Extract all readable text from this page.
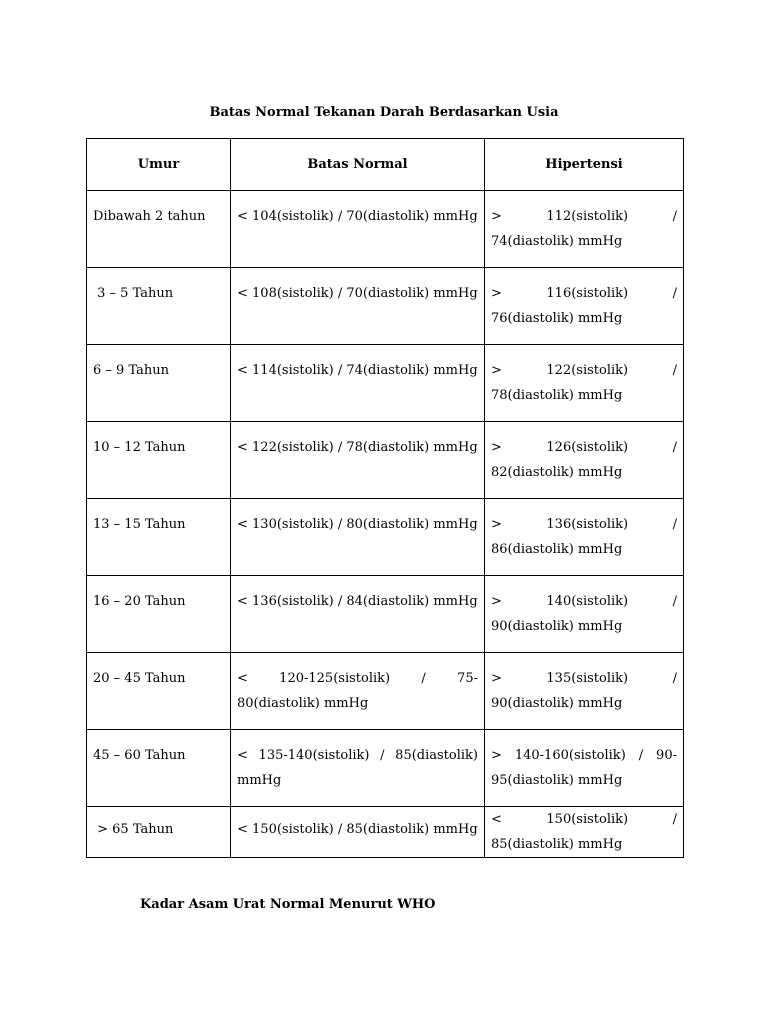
Batas Normal Tekanan Darah Berdasarkan Usia
Umur	Batas Normal	Hipertensi
Dibawah 2 tahun	< 104(sistolik) / 70(diastolik) mmHg	> 112(sistolik) / 74(diastolik) mmHg
3 – 5 Tahun	< 108(sistolik) / 70(diastolik) mmHg	> 116(sistolik) / 76(diastolik) mmHg
6 – 9 Tahun	< 114(sistolik) / 74(diastolik) mmHg	> 122(sistolik) / 78(diastolik) mmHg
10 – 12 Tahun	< 122(sistolik) / 78(diastolik) mmHg	> 126(sistolik) / 82(diastolik) mmHg
13 – 15 Tahun	< 130(sistolik) / 80(diastolik) mmHg	> 136(sistolik) / 86(diastolik) mmHg
16 – 20 Tahun	< 136(sistolik) / 84(diastolik) mmHg	> 140(sistolik) / 90(diastolik) mmHg
20 – 45 Tahun	< 120-125(sistolik) / 75-80(diastolik) mmHg	> 135(sistolik) / 90(diastolik) mmHg
45 – 60 Tahun	< 135-140(sistolik) / 85(diastolik) mmHg	> 140-160(sistolik) / 90-95(diastolik) mmHg
> 65 Tahun	< 150(sistolik) / 85(diastolik) mmHg	< 150(sistolik) / 85(diastolik) mmHg
Kadar Asam Urat Normal Menurut WHO
